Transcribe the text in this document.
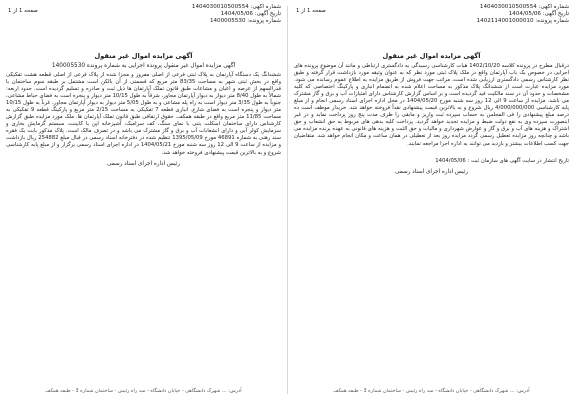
شماره آگهی: 1404030010500554
تاریخ آگهی: 1404/05/06
شماره پرونده: 1400005530
صفحه 1 از 1
آگهی مزایده اموال غیر منقول
آگهی مزایده اموال غیر منقول پرونده اجرایی به شماره پرونده 140005530
ششدانگ یک دستگاه آپارتمان به پلاک ثبتی فرعی از اصلی مفروز و مجزا شده از پلاک فرعی از اصلی قطعه هشت تفکیکی واقع در بخش ثبتی شهر به مساحت 83/35 متر مربع که قسمتی از آن بالکن است مشتمل بر طبقه سوم ساختمان با قدرالسهم از عرصه و اعیان و مشاعات طبق قانون تملک آپارتمان ها ذیل ثبت و صادره و تسلیم گردیده است. حدود اربعه: شمالاً به طول 8/40 متر دیوار به دیوار آپارتمان مجاور، شرقاً به طول 10/15 متر دیوار و پنجره است به فضای حیاط مشاعی، جنوباً به طول 3/35 متر دیوار است به راه پله مشاعی و به طول 5/05 متر دیوار به دیوار آپارتمان مجاور، غرباً به طول 10/15 متر دیوار و پنجره است به فضای شارع. انباری قطعه 7 تفکیکی به مساحت 2/15 متر مربع و پارکینگ قطعه 9 تفکیکی به مساحت 11/85 متر مربع واقع در طبقه همکف. حقوق ارتفاقی طبق قانون تملک آپارتمان ها. ملک مورد مزایده طبق گزارش کارشناس دارای ساختمان اسکلت بتنی با نمای سنگ، کف سرامیک، آشپزخانه اپن با کابینت، سیستم گرمایش بخاری و سرمایش کولر آبی و دارای انشعابات آب و برق و گاز مشترک می باشد و در تصرف مالک است. پلاک مذکور بابت یک فقره سند رهنی به شماره 46891 مورخ 1395/05/09 تنظیم شده در دفترخانه اسناد رسمی در قبال مبلغ 254882 ریال بازداشت و مزایده از ساعت 9 الی 12 روز سه شنبه مورخ 1404/05/21 در اداره اجرای اسناد رسمی برگزار و از مبلغ پایه کارشناسی شروع و به بالاترین قیمت پیشنهادی فروخته خواهد شد.
رئیس اداره اجرای اسناد رسمی
آدرس: ... شهرک دانشگاهی - خیابان دانشگاه - سه راه رئیس - ساختمان شماره 3 - طبقه همکف
شماره آگهی: 1404030010500554
تاریخ آگهی: 1404/05/06
شماره پرونده: 1402114001000010
صفحه 1 از 1
آگهی مزایده اموال غیر منقول
درقبال مطرح در پرونده کلاسه 1402/10/20 هیات کارشناسی رسیدگی به دادگستری ارتباطی و مانند آن موضوع پرونده های اجرایی در خصوص یک باب آپارتمان واقع در ملک پلاک ثبتی مورد نظر که به عنوان وثیقه مورد بازداشت قرار گرفته و طبق نظر کارشناس رسمی دادگستری ارزیابی شده است، مراتب جهت فروش از طریق مزایده به اطلاع عموم رسانده می شود. مورد مزایده عبارت است از ششدانگ پلاک مذکور به مساحت اعلام شده به انضمام انباری و پارکینگ اختصاصی که کلیه مشخصات و حدود آن در سند مالکیت قید گردیده است و بر اساس گزارش کارشناس دارای امتیازات آب و برق و گاز مشترک می باشد. مزایده از ساعت 9 الی 12 روز سه شنبه مورخ 1404/05/20 در محل اداره اجرای اسناد رسمی انجام و از مبلغ پایه کارشناسی 4/000/000/000 ریال شروع و به بالاترین قیمت پیشنهادی نقداً فروخته خواهد شد. خریدار موظف است ده درصد مبلغ پیشنهادی را فی المجلس به حساب سپرده ثبت واریز و مابقی را ظرف مدت پنج روز پرداخت نماید و در غیر اینصورت سپرده وی به نفع دولت ضبط و مزایده تجدید خواهد گردید. پرداخت کلیه بدهی های مربوط به حق انشعاب و حق اشتراک و هزینه های آب و برق و گاز و عوارض شهرداری و مالیات و حق الثبت و هزینه های قانونی به عهده برنده مزایده می باشد و چنانچه روز مزایده تعطیل رسمی گردد مزایده روز بعد از تعطیلی در همان ساعت و مکان انجام خواهد شد. متقاضیان جهت کسب اطلاعات بیشتر و بازدید می توانند به اداره اجرا مراجعه نمایند.
تاریخ انتشار در سایت آگهی های سازمان ثبت : 1404/05/06
رئیس اداره اجرای اسناد رسمی
آدرس: ... شهرک دانشگاهی - خیابان دانشگاه - سه راه رئیس - ساختمان شماره 3 - طبقه همکف
